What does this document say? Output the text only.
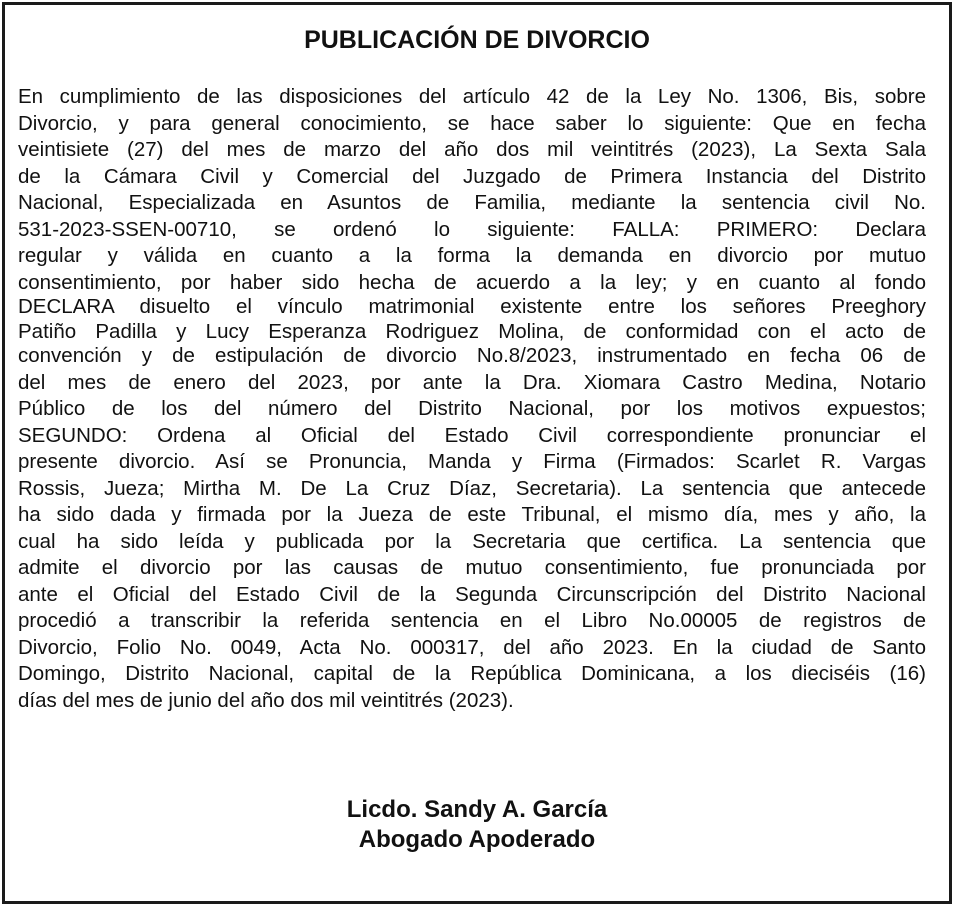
PUBLICACIÓN DE DIVORCIO
En cumplimiento de las disposiciones del artículo 42 de la Ley No. 1306, Bis, sobre
Divorcio, y para general conocimiento, se hace saber lo siguiente: Que en fecha
veintisiete (27) del mes de marzo del año dos mil veintitrés (2023), La Sexta Sala
de la Cámara Civil y Comercial del Juzgado de Primera Instancia del Distrito
Nacional, Especializada en Asuntos de Familia, mediante la sentencia civil No.
531-2023-SSEN-00710, se ordenó lo siguiente: FALLA: PRIMERO: Declara
regular y válida en cuanto a la forma la demanda en divorcio por mutuo
consentimiento, por haber sido hecha de acuerdo a la ley; y en cuanto al fondo
DECLARA disuelto el vínculo matrimonial existente entre los señores Preeghory
Patiño Padilla y Lucy Esperanza Rodriguez Molina, de conformidad con el acto de
convención y de estipulación de divorcio No.8/2023, instrumentado en fecha 06 de
del mes de enero del 2023, por ante la Dra. Xiomara Castro Medina, Notario
Público de los del número del Distrito Nacional, por los motivos expuestos;
SEGUNDO: Ordena al Oficial del Estado Civil correspondiente pronunciar el
presente divorcio. Así se Pronuncia, Manda y Firma (Firmados: Scarlet R. Vargas
Rossis, Jueza; Mirtha M. De La Cruz Díaz, Secretaria). La sentencia que antecede
ha sido dada y firmada por la Jueza de este Tribunal, el mismo día, mes y año, la
cual ha sido leída y publicada por la Secretaria que certifica. La sentencia que
admite el divorcio por las causas de mutuo consentimiento, fue pronunciada por
ante el Oficial del Estado Civil de la Segunda Circunscripción del Distrito Nacional
procedió a transcribir la referida sentencia en el Libro No.00005 de registros de
Divorcio, Folio No. 0049, Acta No. 000317, del año 2023. En la ciudad de Santo
Domingo, Distrito Nacional, capital de la República Dominicana, a los dieciséis (16)
días del mes de junio del año dos mil veintitrés (2023).
Licdo. Sandy A. García
Abogado Apoderado
